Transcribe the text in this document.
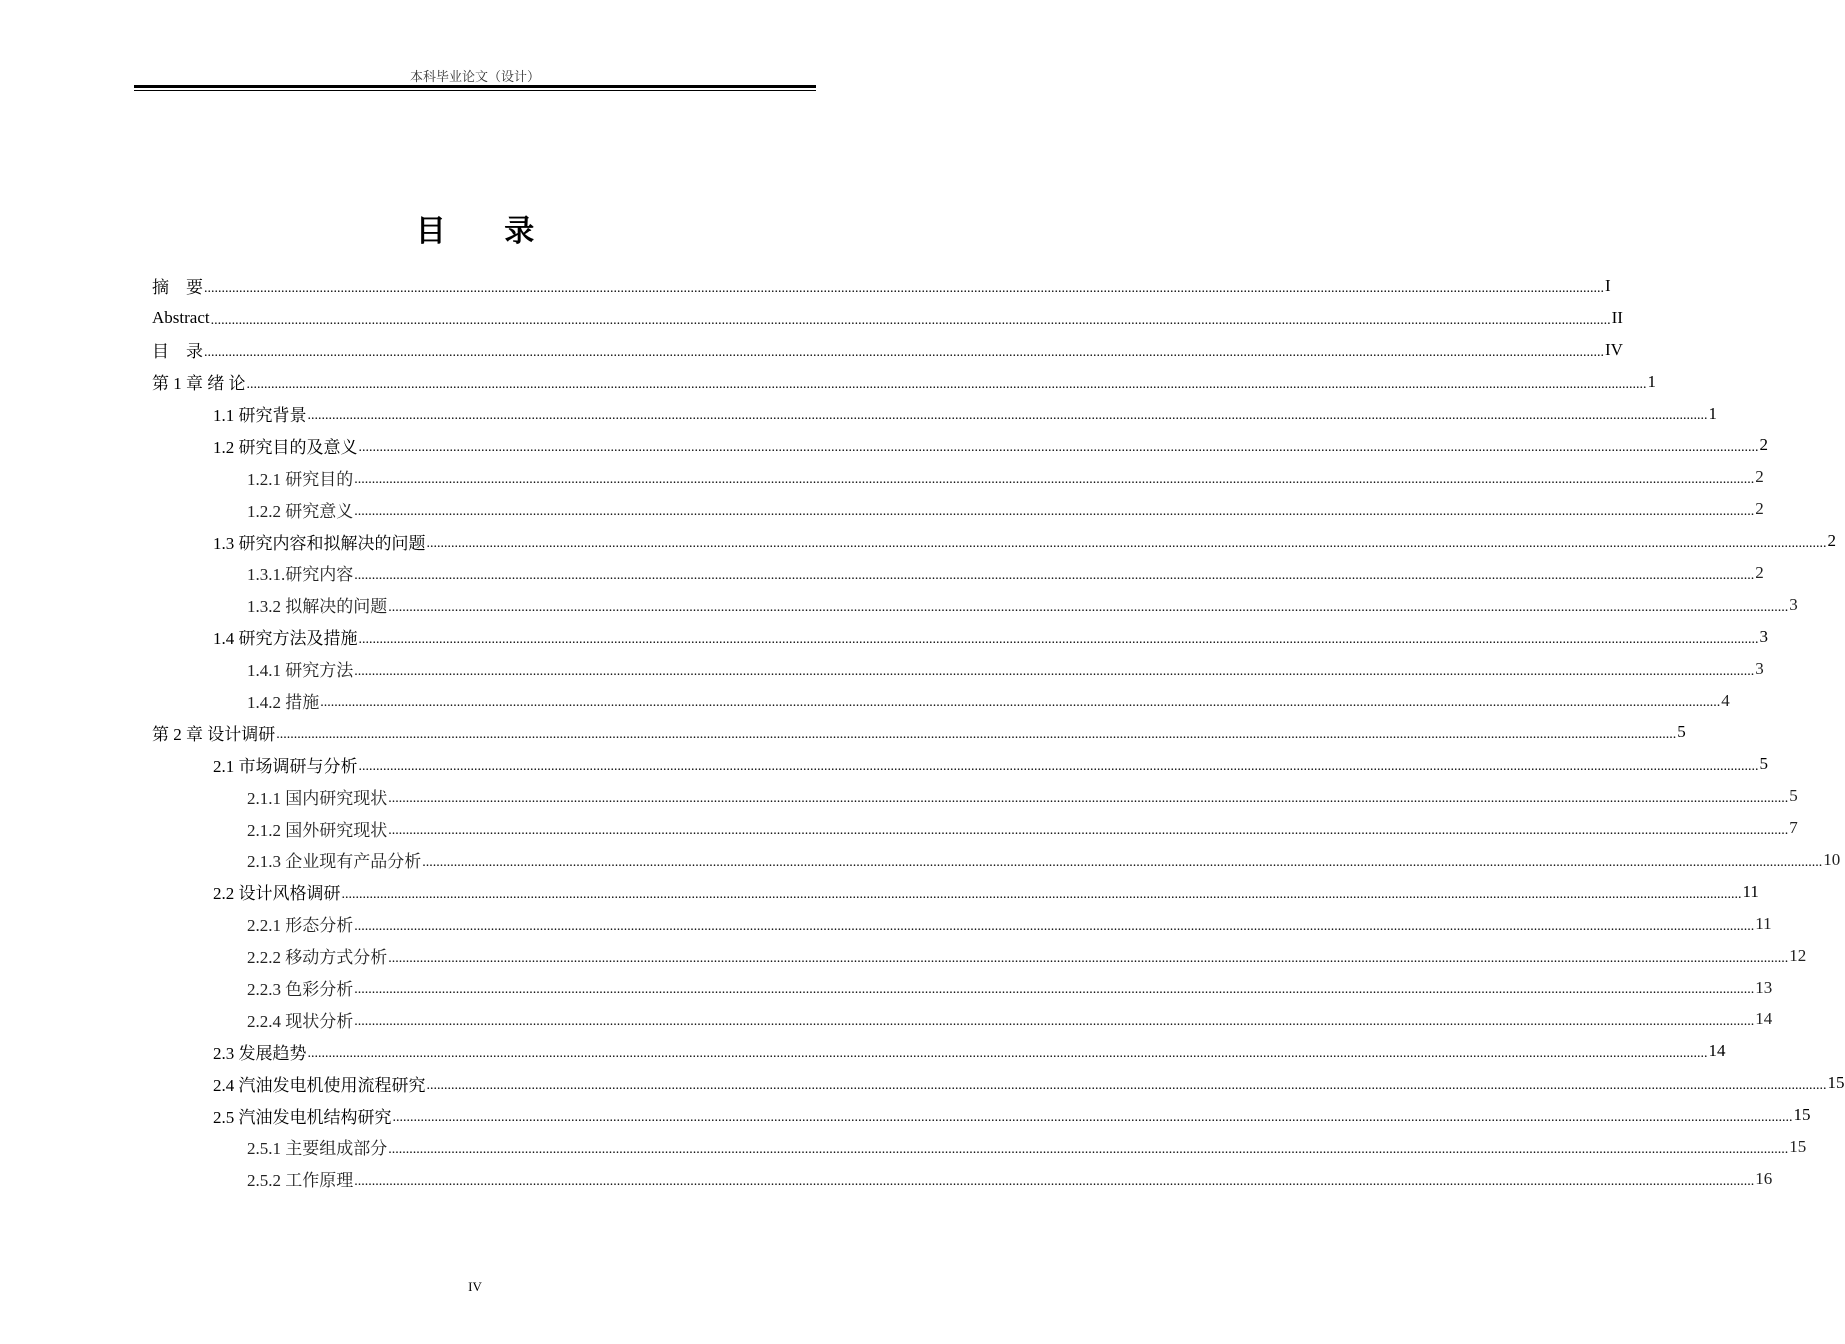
本科毕业论文（设计）
目 录
摘　要 ................................................................................................................................................................................................................................................................................................................................................................................................................ I
Abstract ................................................................................................................................................................................................................................................................................................................................................................................................................ II
目　录 ................................................................................................................................................................................................................................................................................................................................................................................................................ IV
第 1 章 绪 论 ................................................................................................................................................................................................................................................................................................................................................................................................................ 1
1.1 研究背景 ................................................................................................................................................................................................................................................................................................................................................................................................................ 1
1.2 研究目的及意义 ................................................................................................................................................................................................................................................................................................................................................................................................................ 2
1.2.1 研究目的 ................................................................................................................................................................................................................................................................................................................................................................................................................ 2
1.2.2 研究意义 ................................................................................................................................................................................................................................................................................................................................................................................................................ 2
1.3 研究内容和拟解决的问题 ................................................................................................................................................................................................................................................................................................................................................................................................................ 2
1.3.1.研究内容 ................................................................................................................................................................................................................................................................................................................................................................................................................ 2
1.3.2 拟解决的问题 ................................................................................................................................................................................................................................................................................................................................................................................................................ 3
1.4 研究方法及措施 ................................................................................................................................................................................................................................................................................................................................................................................................................ 3
1.4.1 研究方法 ................................................................................................................................................................................................................................................................................................................................................................................................................ 3
1.4.2 措施 ................................................................................................................................................................................................................................................................................................................................................................................................................ 4
第 2 章 设计调研 ................................................................................................................................................................................................................................................................................................................................................................................................................ 5
2.1 市场调研与分析 ................................................................................................................................................................................................................................................................................................................................................................................................................ 5
2.1.1 国内研究现状 ................................................................................................................................................................................................................................................................................................................................................................................................................ 5
2.1.2 国外研究现状 ................................................................................................................................................................................................................................................................................................................................................................................................................ 7
2.1.3 企业现有产品分析 ................................................................................................................................................................................................................................................................................................................................................................................................................ 10
2.2 设计风格调研 ................................................................................................................................................................................................................................................................................................................................................................................................................ 11
2.2.1 形态分析 ................................................................................................................................................................................................................................................................................................................................................................................................................ 11
2.2.2 移动方式分析 ................................................................................................................................................................................................................................................................................................................................................................................................................ 12
2.2.3 色彩分析 ................................................................................................................................................................................................................................................................................................................................................................................................................ 13
2.2.4 现状分析 ................................................................................................................................................................................................................................................................................................................................................................................................................ 14
2.3 发展趋势 ................................................................................................................................................................................................................................................................................................................................................................................................................ 14
2.4 汽油发电机使用流程研究 ................................................................................................................................................................................................................................................................................................................................................................................................................ 15
2.5 汽油发电机结构研究 ................................................................................................................................................................................................................................................................................................................................................................................................................ 15
2.5.1 主要组成部分 ................................................................................................................................................................................................................................................................................................................................................................................................................ 15
2.5.2 工作原理 ................................................................................................................................................................................................................................................................................................................................................................................................................ 16
IV
